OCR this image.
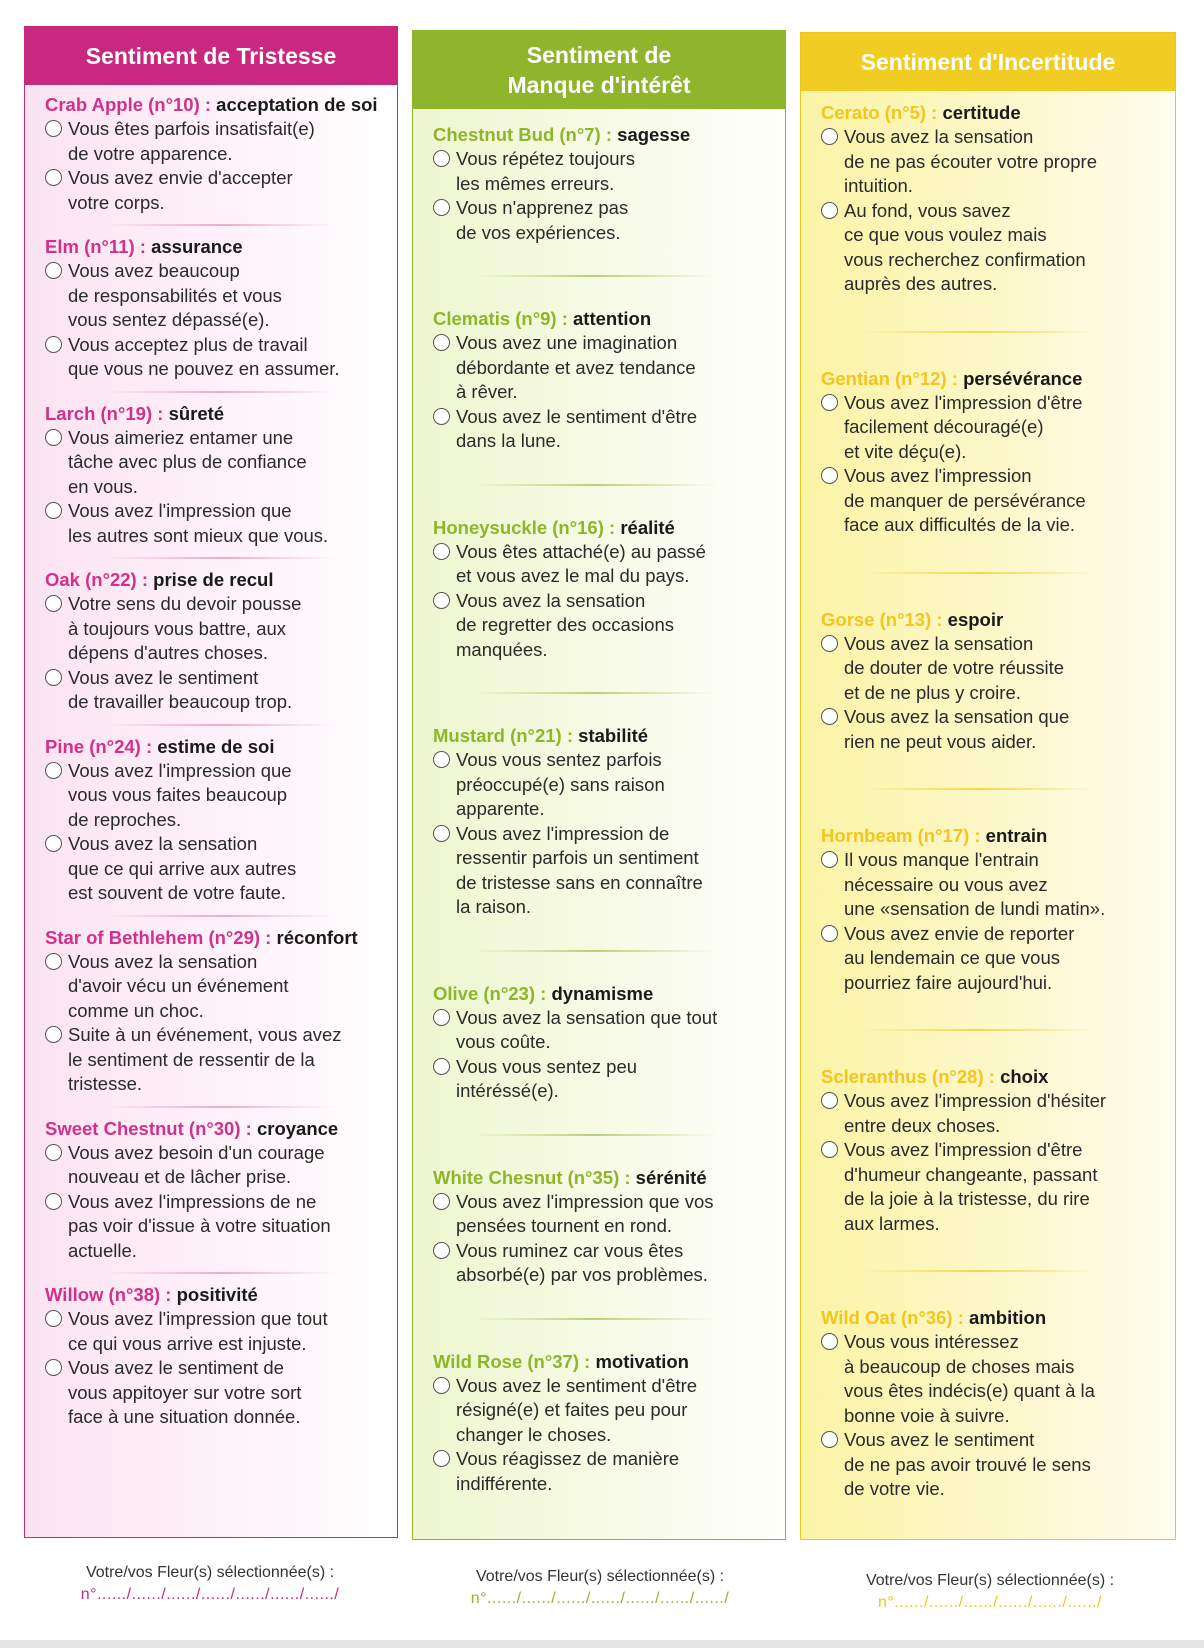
Sentiment de Tristesse
Crab Apple (n°10) : acceptation de soi
Vous êtes parfois insatisfait(e)
de votre apparence.
Vous avez envie d'accepter
votre corps.
Elm (n°11) : assurance
Vous avez beaucoup
de responsabilités et vous
vous sentez dépassé(e).
Vous acceptez plus de travail
que vous ne pouvez en assumer.
Larch (n°19) : sûreté
Vous aimeriez entamer une
tâche avec plus de confiance
en vous.
Vous avez l'impression que
les autres sont mieux que vous.
Oak (n°22) : prise de recul
Votre sens du devoir pousse
à toujours vous battre, aux
dépens d'autres choses.
Vous avez le sentiment
de travailler beaucoup trop.
Pine (n°24) : estime de soi
Vous avez l'impression que
vous vous faites beaucoup
de reproches.
Vous avez la sensation
que ce qui arrive aux autres
est souvent de votre faute.
Star of Bethlehem (n°29) : réconfort
Vous avez la sensation
d'avoir vécu un événement
comme un choc.
Suite à un événement, vous avez
le sentiment de ressentir de la
tristesse.
Sweet Chestnut (n°30) : croyance
Vous avez besoin d'un courage
nouveau et de lâcher prise.
Vous avez l'impressions de ne
pas voir d'issue à votre situation
actuelle.
Willow (n°38) : positivité
Vous avez l'impression que tout
ce qui vous arrive est injuste.
Vous avez le sentiment de
vous appitoyer sur votre sort
face à une situation donnée.
Sentiment de
Manque d'intérêt
Chestnut Bud (n°7) : sagesse
Vous répétez toujours
les mêmes erreurs.
Vous n'apprenez pas
de vos expériences.
Clematis (n°9) : attention
Vous avez une imagination
débordante et avez tendance
à rêver.
Vous avez le sentiment d'être
dans la lune.
Honeysuckle (n°16) : réalité
Vous êtes attaché(e) au passé
et vous avez le mal du pays.
Vous avez la sensation
de regretter des occasions
manquées.
Mustard (n°21) : stabilité
Vous vous sentez parfois
préoccupé(e) sans raison
apparente.
Vous avez l'impression de
ressentir parfois un sentiment
de tristesse sans en connaître
la raison.
Olive (n°23) : dynamisme
Vous avez la sensation que tout
vous coûte.
Vous vous sentez peu
intéréssé(e).
White Chesnut (n°35) : sérénité
Vous avez l'impression que vos
pensées tournent en rond.
Vous ruminez car vous êtes
absorbé(e) par vos problèmes.
Wild Rose (n°37) : motivation
Vous avez le sentiment d'être
résigné(e) et faites peu pour
changer le choses.
Vous réagissez de manière
indifférente.
Sentiment d'Incertitude
Cerato (n°5) : certitude
Vous avez la sensation
de ne pas écouter votre propre
intuition.
Au fond, vous savez
ce que vous voulez mais
vous recherchez confirmation
auprès des autres.
Gentian (n°12) : persévérance
Vous avez l'impression d'être
facilement découragé(e)
et vite déçu(e).
Vous avez l'impression
de manquer de persévérance
face aux difficultés de la vie.
Gorse (n°13) : espoir
Vous avez la sensation
de douter de votre réussite
et de ne plus y croire.
Vous avez la sensation que
rien ne peut vous aider.
Hornbeam (n°17) : entrain
Il vous manque l'entrain
nécessaire ou vous avez
une «sensation de lundi matin».
Vous avez envie de reporter
au lendemain ce que vous
pourriez faire aujourd'hui.
Scleranthus (n°28) : choix
Vous avez l'impression d'hésiter
entre deux choses.
Vous avez l'impression d'être
d'humeur changeante, passant
de la joie à la tristesse, du rire
aux larmes.
Wild Oat (n°36) : ambition
Vous vous intéressez
à beaucoup de choses mais
vous êtes indécis(e) quant à la
bonne voie à suivre.
Vous avez le sentiment
de ne pas avoir trouvé le sens
de votre vie.
Votre/vos Fleur(s) sélectionnée(s) :
n°....../....../....../....../....../....../....../
Votre/vos Fleur(s) sélectionnée(s) :
n°....../....../....../....../....../....../....../
Votre/vos Fleur(s) sélectionnée(s) :
n°....../....../....../....../....../....../
